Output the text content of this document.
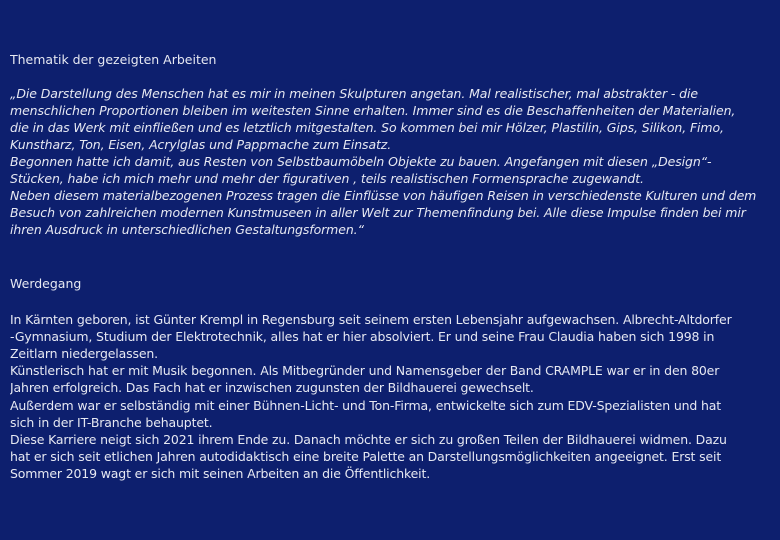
Thematik der gezeigten Arbeiten
„Die Darstellung des Menschen hat es mir in meinen Skulpturen angetan. Mal realistischer, mal abstrakter - die
menschlichen Proportionen bleiben im weitesten Sinne erhalten. Immer sind es die Beschaffenheiten der Materialien,
die in das Werk mit einfließen und es letztlich mitgestalten. So kommen bei mir Hölzer, Plastilin, Gips, Silikon, Fimo,
Kunstharz, Ton, Eisen, Acrylglas und Pappmache zum Einsatz.
Begonnen hatte ich damit, aus Resten von Selbstbaumöbeln Objekte zu bauen. Angefangen mit diesen „Design“-
Stücken, habe ich mich mehr und mehr der figurativen , teils realistischen Formensprache zugewandt.
Neben diesem materialbezogenen Prozess tragen die Einflüsse von häufigen Reisen in verschiedenste Kulturen und dem
Besuch von zahlreichen modernen Kunstmuseen in aller Welt zur Themenfindung bei. Alle diese Impulse finden bei mir
ihren Ausdruck in unterschiedlichen Gestaltungsformen.“
Werdegang
In Kärnten geboren, ist Günter Krempl in Regensburg seit seinem ersten Lebensjahr aufgewachsen. Albrecht-Altdorfer
-Gymnasium, Studium der Elektrotechnik, alles hat er hier absolviert. Er und seine Frau Claudia haben sich 1998 in
Zeitlarn niedergelassen.
Künstlerisch hat er mit Musik begonnen. Als Mitbegründer und Namensgeber der Band CRAMPLE war er in den 80er
Jahren erfolgreich. Das Fach hat er inzwischen zugunsten der Bildhauerei gewechselt.
Außerdem war er selbständig mit einer Bühnen-Licht- und Ton-Firma, entwickelte sich zum EDV-Spezialisten und hat
sich in der IT-Branche behauptet.
Diese Karriere neigt sich 2021 ihrem Ende zu. Danach möchte er sich zu großen Teilen der Bildhauerei widmen. Dazu
hat er sich seit etlichen Jahren autodidaktisch eine breite Palette an Darstellungsmöglichkeiten angeeignet. Erst seit
Sommer 2019 wagt er sich mit seinen Arbeiten an die Öffentlichkeit.
